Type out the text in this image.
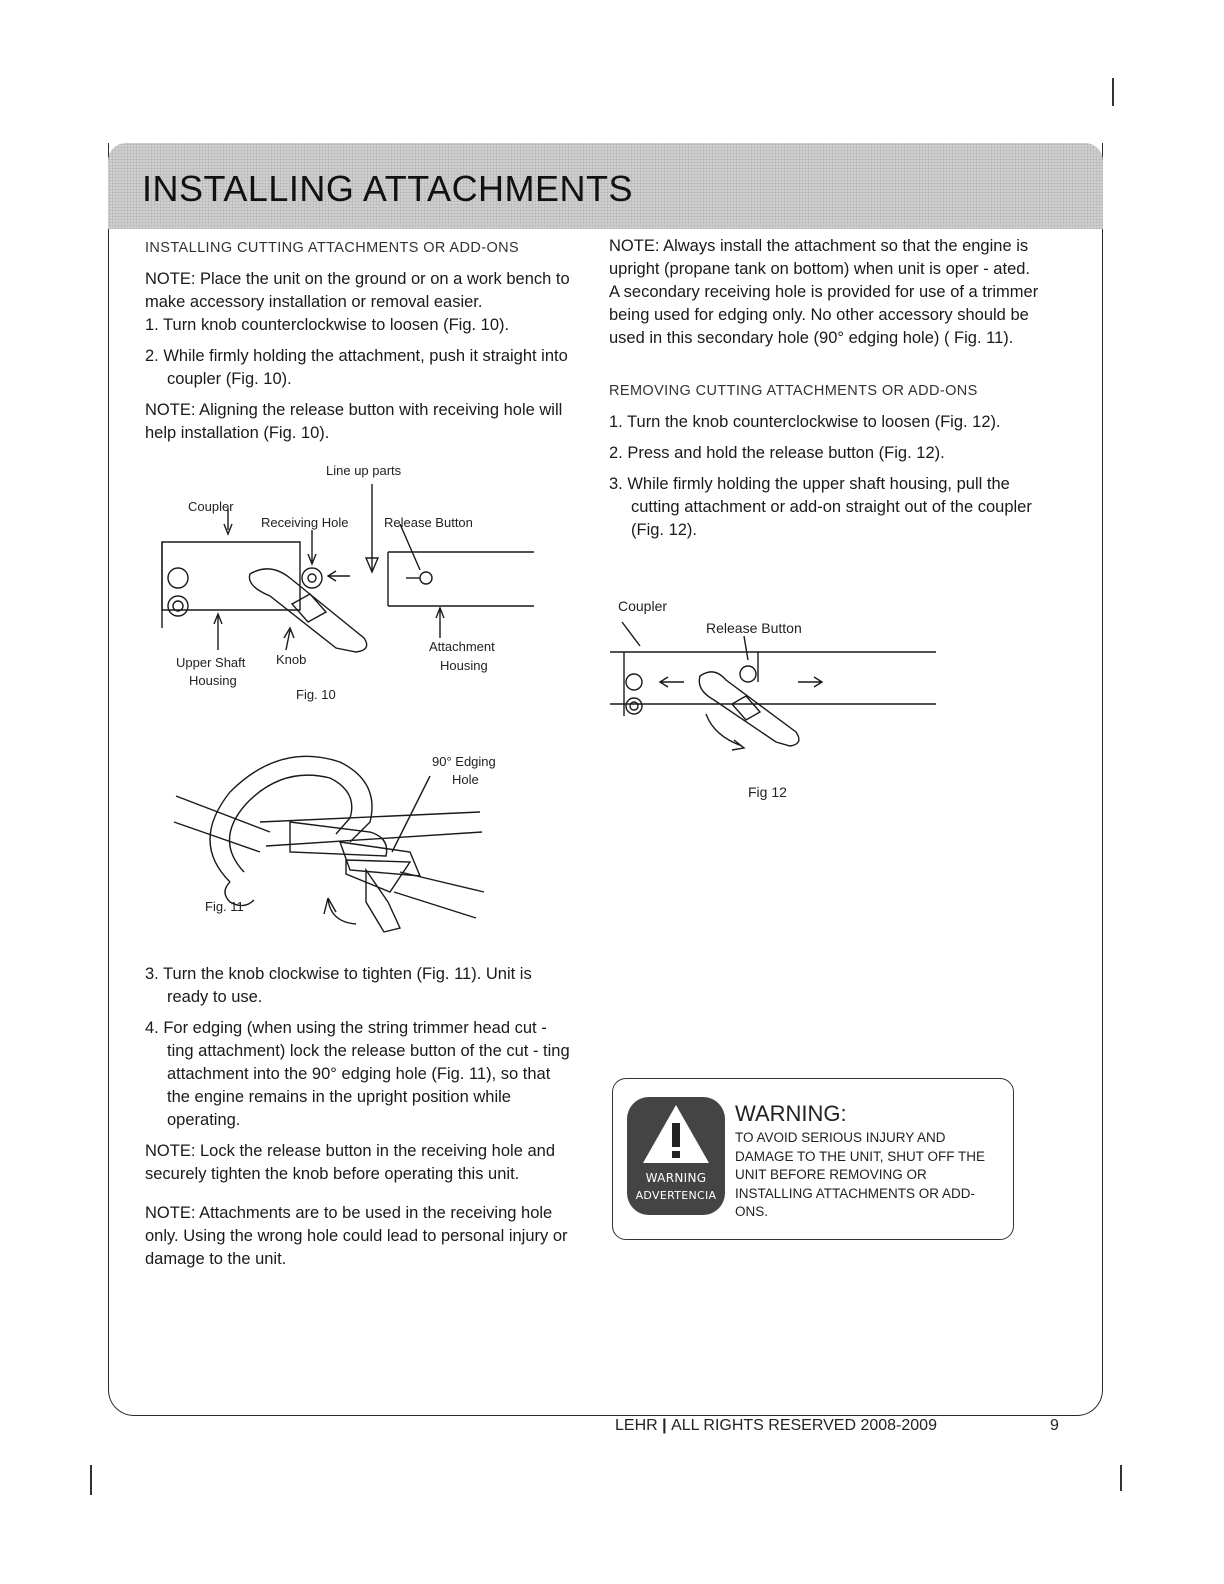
INSTALLING ATTACHMENTS

INSTALLING CUTTING ATTACHMENTS OR ADD-ONS

NOTE: Place the unit on the ground or on a work bench to make accessory installation or removal easier.

1. Turn knob counterclockwise to loosen (Fig. 10).

2. While firmly holding the attachment, push it straight into coupler (Fig. 10).

NOTE: Aligning the release button with receiving hole will help installation (Fig. 10).

Line up parts
Coupler
Receiving Hole	Release Button
Upper Shaft
Housing
Knob
Attachment
Housing
Fig. 10
90° Edging
Hole
Fig. 11

3. Turn the knob clockwise to tighten (Fig. 11). Unit is ready to use.

4. For edging (when using the string trimmer head cut - ting attachment) lock the release button of the cut - ting attachment into the 90° edging hole (Fig. 11), so that the engine remains in the upright position while operating.

NOTE: Lock the release button in the receiving hole and securely tighten the knob before operating this unit.

NOTE: Attachments are to be used in the receiving hole only. Using the wrong hole could lead to personal injury or damage to the unit.

NOTE: Always install the attachment so that the engine is upright (propane tank on bottom) when unit is oper - ated. A secondary receiving hole is provided for use of a trimmer being used for edging only. No other accessory should be used in this secondary hole (90° edging hole) ( Fig. 11).

REMOVING CUTTING ATTACHMENTS OR ADD-ONS

1. Turn the knob counterclockwise to loosen (Fig. 12).

2. Press and hold the release button (Fig. 12).

3. While firmly holding the upper shaft housing, pull the cutting attachment or add-on straight out of the coupler (Fig. 12).

Coupler
Release Button
Fig 12
WARNING
ADVERTENCIA
WARNING:
TO AVOID SERIOUS INJURY AND DAMAGE TO THE UNIT, SHUT OFF THE UNIT BEFORE REMOVING OR INSTALLING ATTACHMENTS OR ADD-ONS.
LEHR | ALL RIGHTS RESERVED 2008-2009	9
